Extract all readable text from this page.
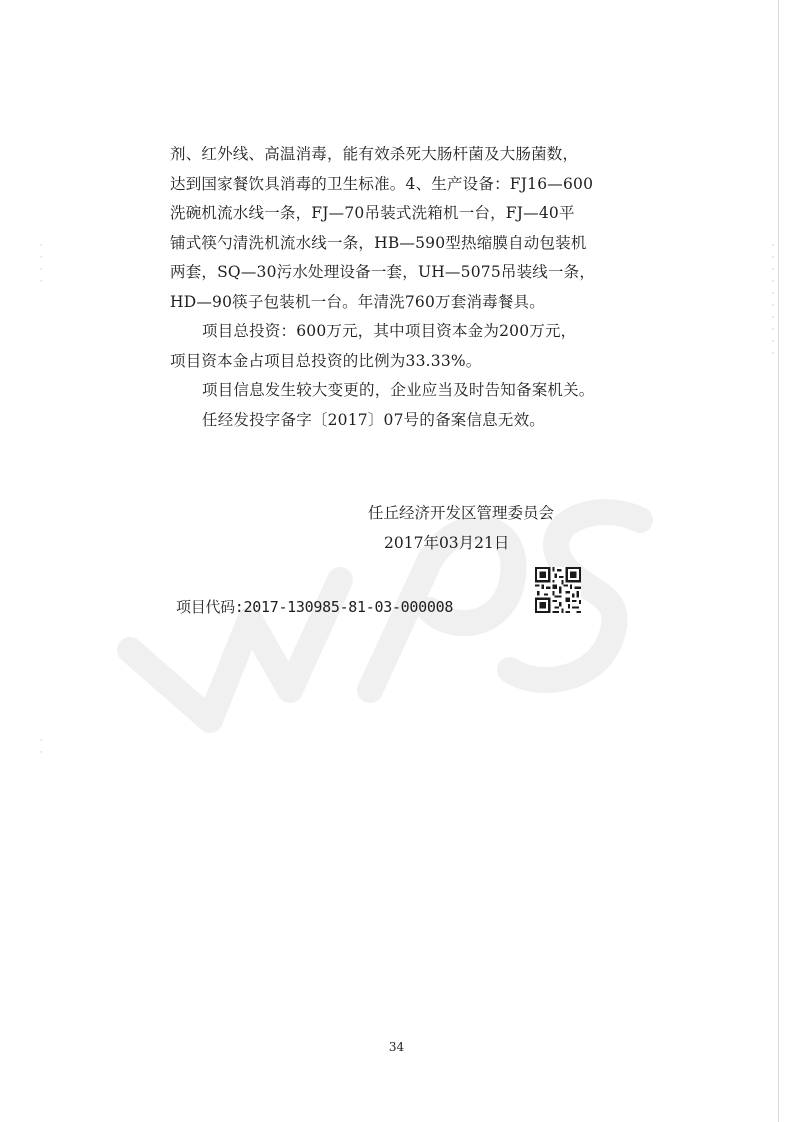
·
·
·
·
·
·
·
·
·
·
·
·
·
·
·
·

剂、红外线、高温消毒，能有效杀死大肠杆菌及大肠菌数，

达到国家餐饮具消毒的卫生标准。4、生产设备：FJ16—600

洗碗机流水线一条，FJ—70吊装式洗箱机一台，FJ—40平

铺式筷勺清洗机流水线一条，HB—590型热缩膜自动包装机

两套，SQ—30污水处理设备一套，UH—5075吊装线一条，

HD—90筷子包装机一台。年清洗760万套消毒餐具。

项目总投资：600万元，其中项目资本金为200万元，

项目资本金占项目总投资的比例为33.33%。

项目信息发生较大变更的，企业应当及时告知备案机关。

任经发投字备字〔2017〕07号的备案信息无效。

任丘经济开发区管理委员会
2017年03月21日
项目代码:2017-130985-81-03-000008
34
